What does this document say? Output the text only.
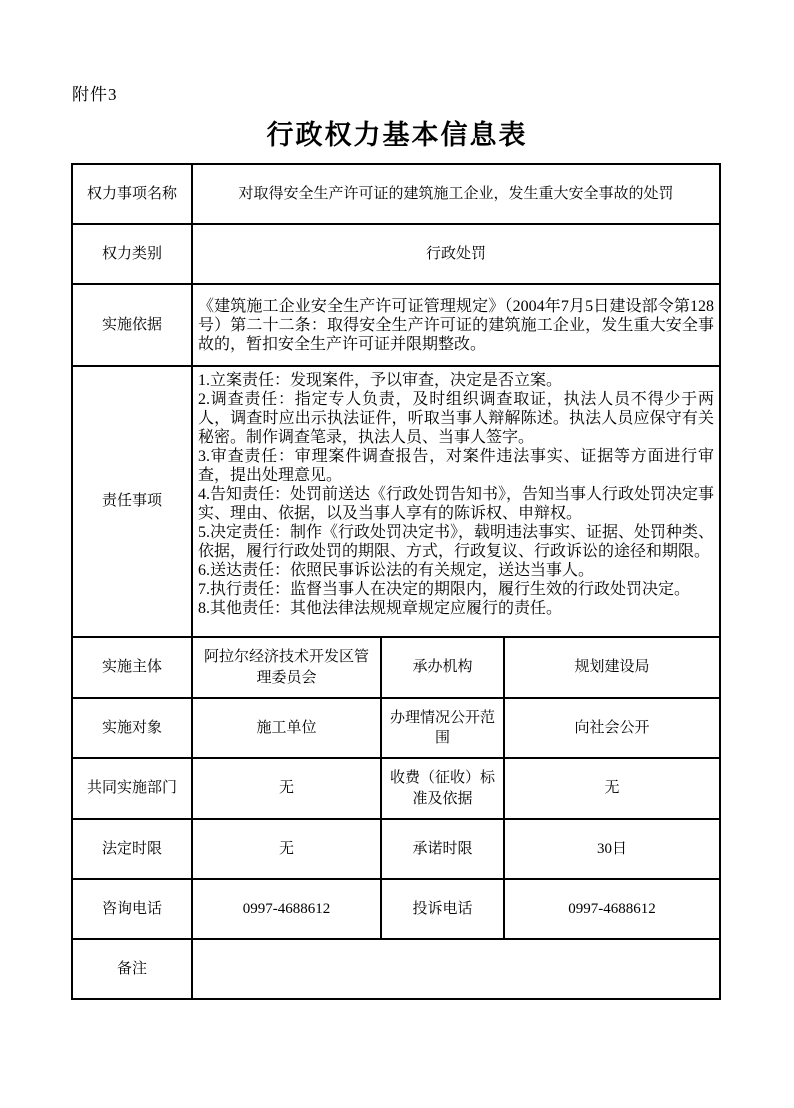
附件3
行政权力基本信息表
权力事项名称	对取得安全生产许可证的建筑施工企业，发生重大安全事故的处罚		
权力类别	行政处罚		
实施依据	《建筑施工企业安全生产许可证管理规定》（2004年7月5日建设部令第128号）第二十二条：取得安全生产许可证的建筑施工企业，发生重大安全事故的，暂扣安全生产许可证并限期整改。		
责任事项	
1.立案责任：发现案件，予以审查，决定是否立案。
2.调查责任：指定专人负责，及时组织调查取证，执法人员不得少于两人，调查时应出示执法证件，听取当事人辩解陈述。执法人员应保守有关秘密。制作调查笔录，执法人员、当事人签字。
3.审查责任：审理案件调查报告，对案件违法事实、证据等方面进行审查，提出处理意见。
4.告知责任：处罚前送达《行政处罚告知书》，告知当事人行政处罚决定事实、理由、依据，以及当事人享有的陈诉权、申辩权。
5.决定责任：制作《行政处罚决定书》，载明违法事实、证据、处罚种类、依据，履行行政处罚的期限、方式，行政复议、行政诉讼的途径和期限。
6.送达责任：依照民事诉讼法的有关规定，送达当事人。
7.执行责任：监督当事人在决定的期限内，履行生效的行政处罚决定。
8.其他责任：其他法律法规规章规定应履行的责任。

实施主体	阿拉尔经济技术开发区管理委员会	承办机构	规划建设局
实施对象	施工单位	办理情况公开范围	向社会公开
共同实施部门	无	收费（征收）标准及依据	无
法定时限	无	承诺时限	30日
咨询电话	0997-4688612	投诉电话	0997-4688612
备注			
